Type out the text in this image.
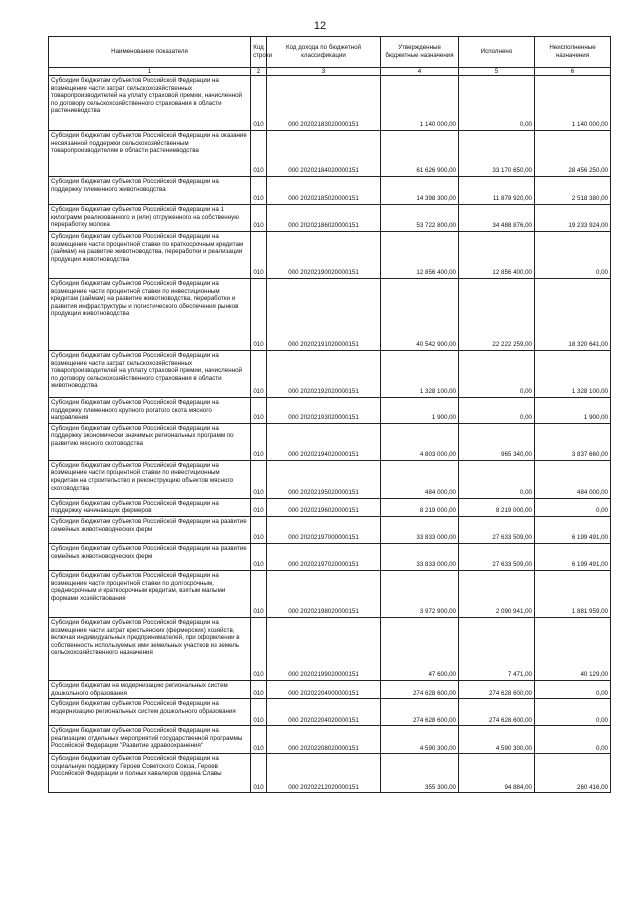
12
Наименование показателя	Код строки	Код дохода по бюджетной классификации	Утвержденные бюджетные назначения	Исполнено	Неисполненные назначения
1	2	3	4	5	6
Субсидии бюджетам субъектов Российской Федерации на возмещение части затрат сельскохозяйственных товаропроизводителей на уплату страховой премии, начисленной по договору сельскохозяйственного страхования в области растениеводства	010	000 20202183020000151	1 140 000,00	0,00	1 140 000,00
Субсидии бюджетам субъектов Российской Федерации на оказание несвязанной поддержки сельскохозяйственным товаропроизводителям в области растениеводства	010	000 20202184020000151	61 626 900,00	33 170 650,00	28 456 250,00
Субсидии бюджетам субъектов Российской Федерации на поддержку племенного животноводства	010	000 20202185020000151	14 398 300,00	11 879 920,00	2 518 380,00
Субсидии бюджетам субъектов Российской Федерации на 1 килограмм реализованного и (или) отгруженного на собственную переработку молока	010	000 20202186020000151	53 722 800,00	34 488 876,00	19 233 924,00
Субсидии бюджетам субъектов Российской Федерации на возмещение части процентной ставки по краткосрочным кредитам (займам) на развитие животноводства, переработки и реализации продукции животноводства	010	000 20202190020000151	12 856 400,00	12 856 400,00	0,00
Субсидии бюджетам субъектов Российской Федерации на возмещение части процентной ставки по инвестиционным кредитам (займам) на развитие животноводства, переработки и развития инфраструктуры и логистического обеспечения рынков продукции животноводства	010	000 20202191020000151	40 542 900,00	22 222 259,00	18 320 641,00
Субсидии бюджетам субъектов Российской Федерации на возмещение части затрат сельскохозяйственных товаропроизводителей на уплату страховой премии, начисленной по договору сельскохозяйственного страхования в области животноводства	010	000 20202192020000151	1 328 100,00	0,00	1 328 100,00
Субсидии бюджетам субъектов Российской Федерации на поддержку племенного крупного рогатого скота мясного направления	010	000 20202193020000151	1 900,00	0,00	1 900,00
Субсидии бюджетам субъектов Российской Федерации на поддержку экономически значимых региональных программ по развитию мясного скотоводства	010	000 20202194020000151	4 803 000,00	965 340,00	3 837 660,00
Субсидии бюджетам субъектов Российской Федерации на возмещение части процентной ставки по инвестиционным кредитам на строительство и реконструкцию объектов мясного скотоводства	010	000 20202195020000151	484 000,00	0,00	484 000,00
Субсидии бюджетам субъектов Российской Федерации на поддержку начинающих фермеров	010	000 20202196020000151	8 219 000,00	8 219 000,00	0,00
Субсидии бюджетам субъектов Российской Федерации на развитие семейных животноводческих ферм	010	000 20202197000000151	33 833 000,00	27 633 509,00	6 199 491,00
Субсидии бюджетам субъектов Российской Федерации на развитие семейных животноводческих ферм	010	000 20202197020000151	33 833 000,00	27 633 509,00	6 199 491,00
Субсидии бюджетам субъектов Российской Федерации на возмещение части процентной ставки по долгосрочным, среднесрочным и краткосрочным кредитам, взятым малыми формами хозяйствования	010	000 20202198020000151	3 972 900,00	2 090 941,00	1 881 959,00
Субсидии бюджетам субъектов Российской Федерации на возмещение части затрат крестьянских (фермерских) хозяйств, включая индивидуальных предпринимателей, при оформлении в собственность используемых ими земельных участков из земель сельскохозяйственного назначения	010	000 20202199020000151	47 600,00	7 471,00	40 129,00
Субсидии бюджетам на модернизацию региональных систем дошкольного образования	010	000 20202204000000151	274 628 600,00	274 628 600,00	0,00
Субсидии бюджетам субъектов Российской Федерации на модернизацию региональных систем дошкольного образования	010	000 20202204020000151	274 628 600,00	274 628 600,00	0,00
Субсидии бюджетам субъектов Российской Федерации на реализацию отдельных мероприятий государственной программы Российской Федерации "Развитие здравоохранения"	010	000 20202208020000151	4 590 300,00	4 590 300,00	0,00
Субсидии бюджетам субъектов Российской Федерации на социальную поддержку Героев Советского Союза, Героев Российской Федерации и полных кавалеров ордена Славы	010	000 20202212020000151	355 300,00	94 884,00	260 416,00
